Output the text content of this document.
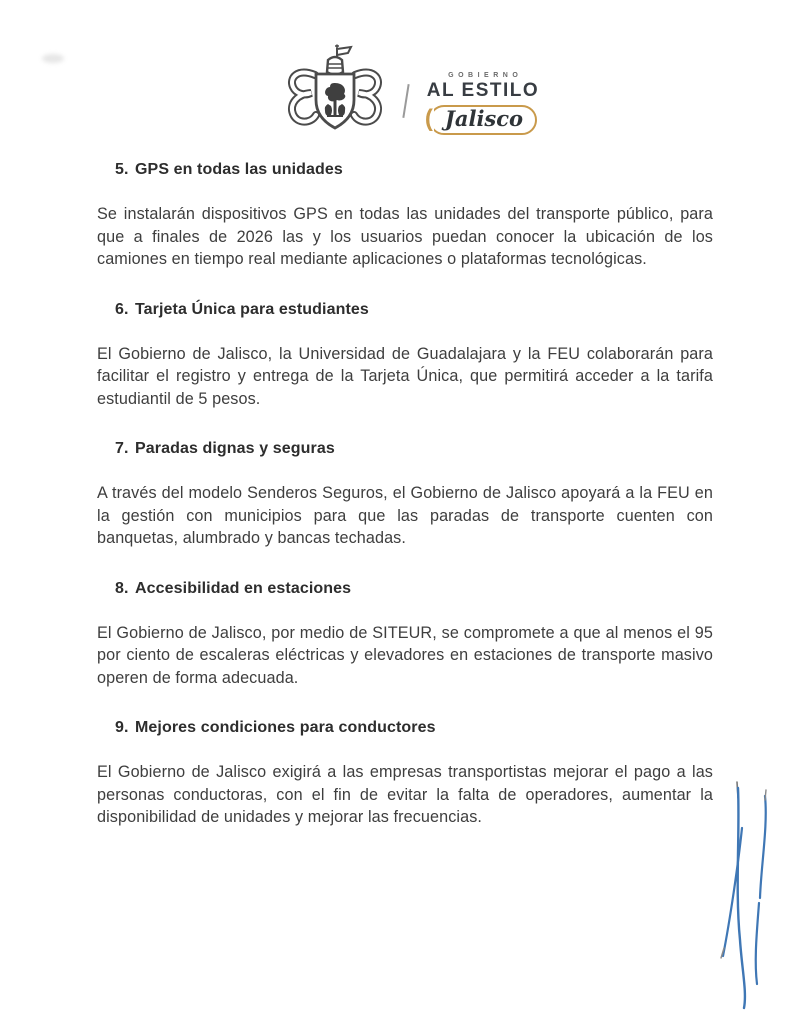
GOBIERNO
AL ESTILO
( Jalisco
5. GPS en todas las unidades
Se instalarán dispositivos GPS en todas las unidades del transporte público, para que a finales de 2026 las y los usuarios puedan conocer la ubicación de los camiones en tiempo real mediante aplicaciones o plataformas tecnológicas.
6. Tarjeta Única para estudiantes
El Gobierno de Jalisco, la Universidad de Guadalajara y la FEU colaborarán para facilitar el registro y entrega de la Tarjeta Única, que permitirá acceder a la tarifa estudiantil de 5 pesos.
7. Paradas dignas y seguras
A través del modelo Senderos Seguros, el Gobierno de Jalisco apoyará a la FEU en la gestión con municipios para que las paradas de transporte cuenten con banquetas, alumbrado y bancas techadas.
8. Accesibilidad en estaciones
El Gobierno de Jalisco, por medio de SITEUR, se compromete a que al menos el 95 por ciento de escaleras eléctricas y elevadores en estaciones de transporte masivo operen de forma adecuada.
9. Mejores condiciones para conductores
El Gobierno de Jalisco exigirá a las empresas transportistas mejorar el pago a las personas conductoras, con el fin de evitar la falta de operadores, aumentar la disponibilidad de unidades y mejorar las frecuencias.
